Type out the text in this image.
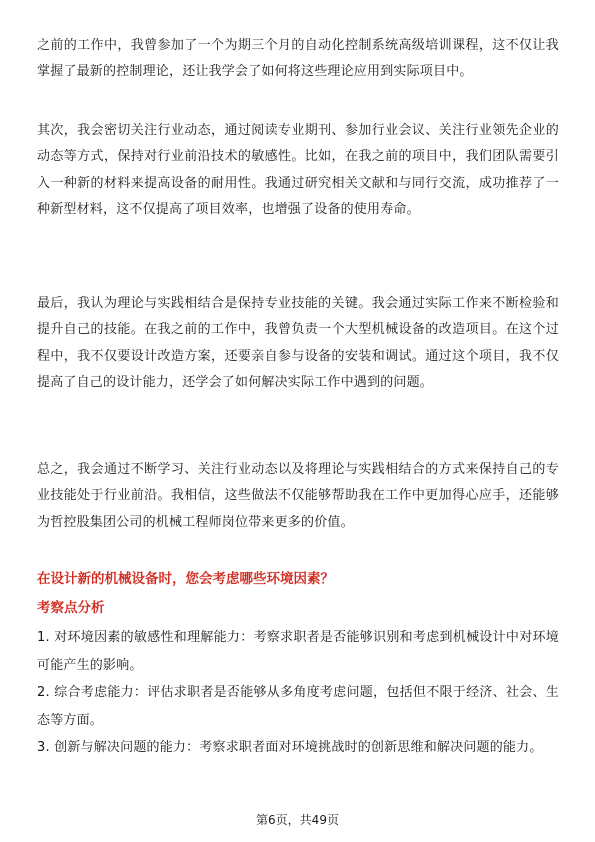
之前的工作中，我曾参加了一个为期三个月的自动化控制系统高级培训课程，这不仅让我掌握了最新的控制理论，还让我学会了如何将这些理论应用到实际项目中。

其次，我会密切关注行业动态，通过阅读专业期刊、参加行业会议、关注行业领先企业的动态等方式，保持对行业前沿技术的敏感性。比如，在我之前的项目中，我们团队需要引入一种新的材料来提高设备的耐用性。我通过研究相关文献和与同行交流，成功推荐了一种新型材料，这不仅提高了项目效率，也增强了设备的使用寿命。

最后，我认为理论与实践相结合是保持专业技能的关键。我会通过实际工作来不断检验和提升自己的技能。在我之前的工作中，我曾负责一个大型机械设备的改造项目。在这个过程中，我不仅要设计改造方案，还要亲自参与设备的安装和调试。通过这个项目，我不仅提高了自己的设计能力，还学会了如何解决实际工作中遇到的问题。

总之，我会通过不断学习、关注行业动态以及将理论与实践相结合的方式来保持自己的专业技能处于行业前沿。我相信，这些做法不仅能够帮助我在工作中更加得心应手，还能够为哲控股集团公司的机械工程师岗位带来更多的价值。

在设计新的机械设备时，您会考虑哪些环境因素？

考察点分析

1. 对环境因素的敏感性和理解能力：考察求职者是否能够识别和考虑到机械设计中对环境可能产生的影响。
2. 综合考虑能力：评估求职者是否能够从多角度考虑问题，包括但不限于经济、社会、生态等方面。
3. 创新与解决问题的能力：考察求职者面对环境挑战时的创新思维和解决问题的能力。
第6页，共49页
